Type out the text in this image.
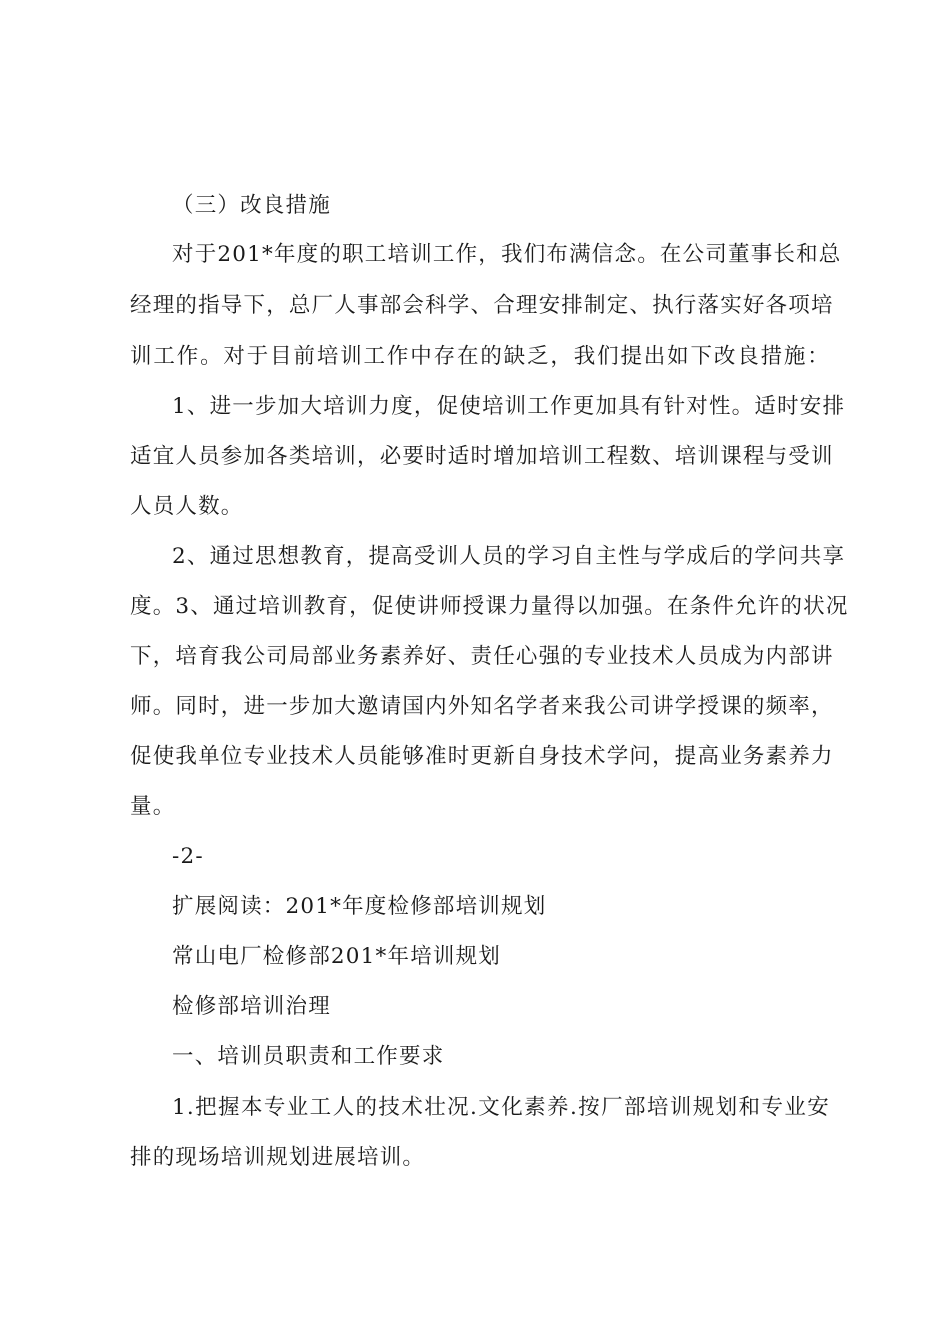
（三）改良措施
对于201*年度的职工培训工作，我们布满信念。在公司董事长和总
经理的指导下，总厂人事部会科学、合理安排制定、执行落实好各项培
训工作。对于目前培训工作中存在的缺乏，我们提出如下改良措施：
1、进一步加大培训力度，促使培训工作更加具有针对性。适时安排
适宜人员参加各类培训，必要时适时增加培训工程数、培训课程与受训
人员人数。
2、通过思想教育，提高受训人员的学习自主性与学成后的学问共享
度。3、通过培训教育，促使讲师授课力量得以加强。在条件允许的状况
下，培育我公司局部业务素养好、责任心强的专业技术人员成为内部讲
师。同时，进一步加大邀请国内外知名学者来我公司讲学授课的频率，
促使我单位专业技术人员能够准时更新自身技术学问，提高业务素养力
量。
-2-
扩展阅读：201*年度检修部培训规划
常山电厂检修部201*年培训规划
检修部培训治理
一、培训员职责和工作要求
1.把握本专业工人的技术壮况.文化素养.按厂部培训规划和专业安
排的现场培训规划进展培训。
